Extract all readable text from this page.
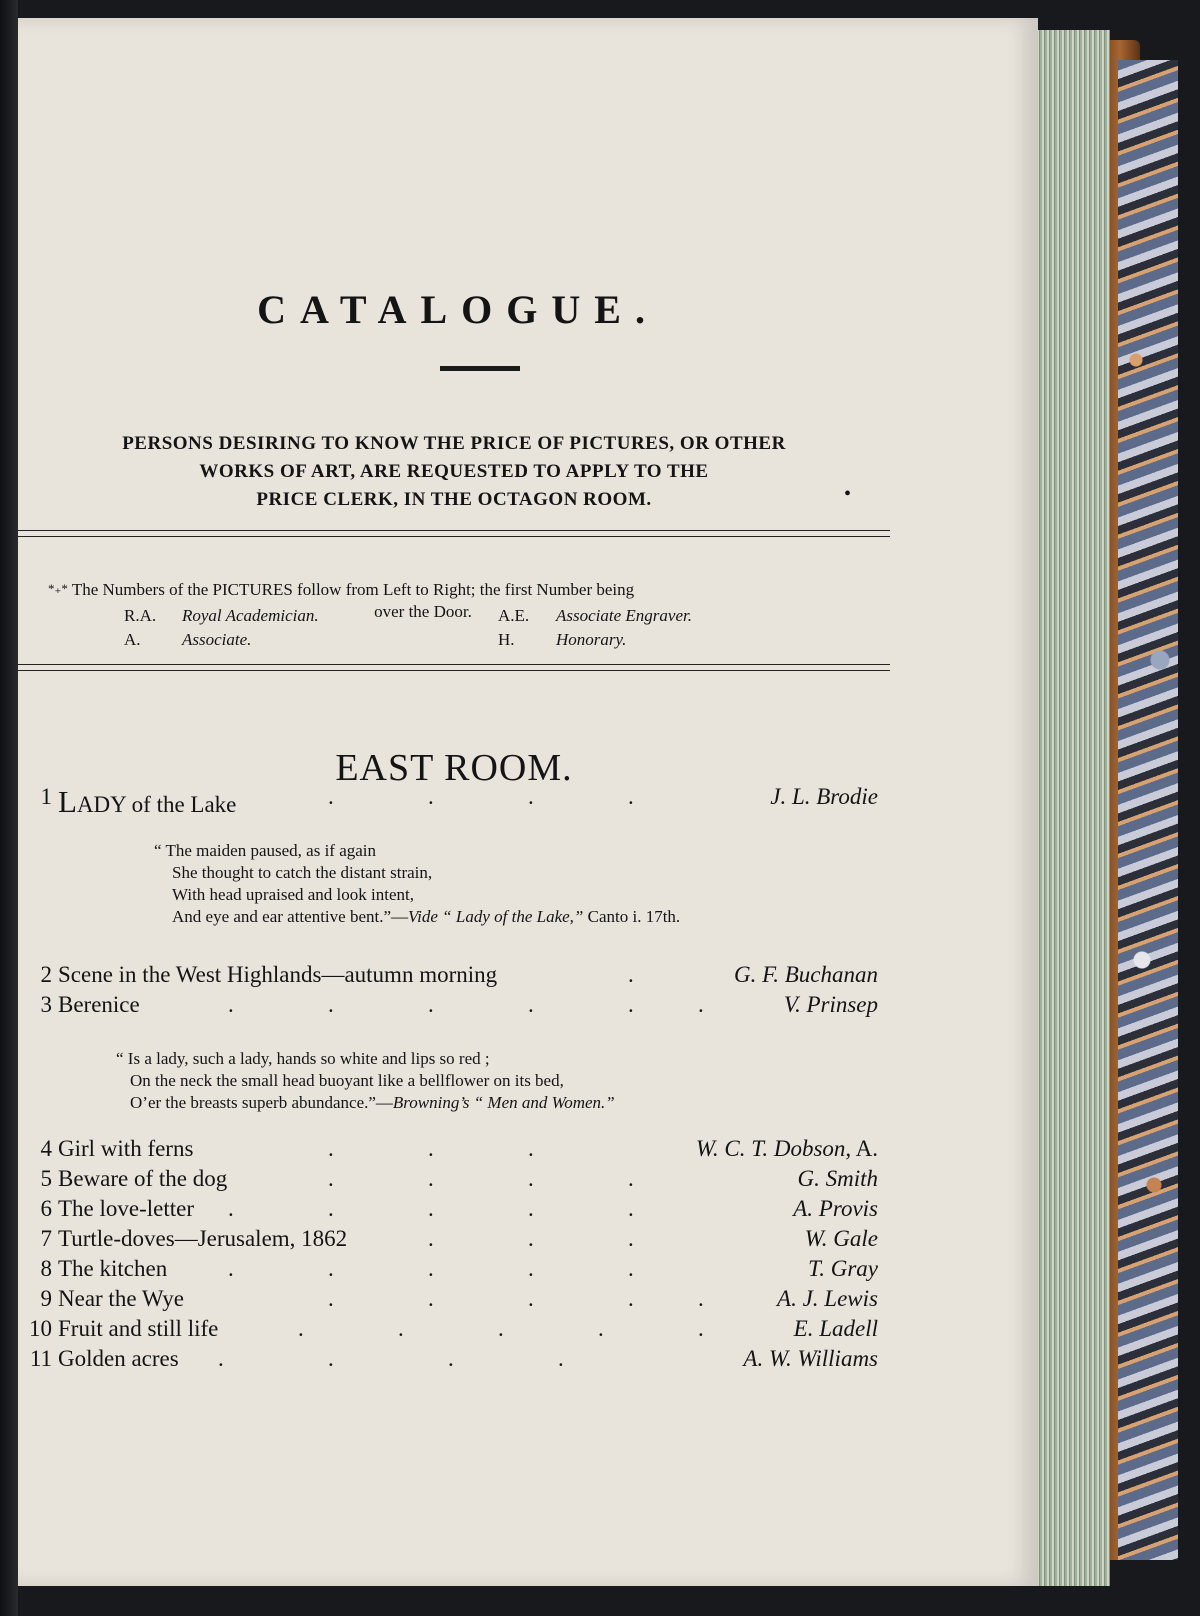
CATALOGUE.
PERSONS DESIRING TO KNOW THE PRICE OF PICTURES, OR OTHER
WORKS OF ART, ARE REQUESTED TO APPLY TO THE
PRICE CLERK, IN THE OCTAGON ROOM.	•
*₊* The Numbers of the PICTURES follow from Left to Right; the first Number being
over the Door.
R.A. Royal Academician.	A.E. Associate Engraver.
A. Associate.	H. Honorary.
EAST ROOM.
1 LADY of the Lake	.	.	.	.	J. L. Brodie
“ The maiden paused, as if again
She thought to catch the distant strain,
With head upraised and look intent,
And eye and ear attentive bent.”—Vide “ Lady of the Lake,” Canto i. 17th.
2 Scene in the West Highlands—autumn morning	.	G. F. Buchanan
3 Berenice	.	.	.	.	.	.	V. Prinsep
“ Is a lady, such a lady, hands so white and lips so red ;
On the neck the small head buoyant like a bellflower on its bed,
O’er the breasts superb abundance.”—Browning’s “ Men and Women.”
4 Girl with ferns	.	.	.	W. C. T. Dobson, A.
5 Beware of the dog	.	.	.	.	G. Smith
6 The love-letter .	.	.	.	.	A. Provis
7 Turtle-doves—Jerusalem, 1862	.	.	.	W. Gale
8 The kitchen	.	.	.	.	.	T. Gray
9 Near the Wye	.	.	.	.	.	A. J. Lewis
10 Fruit and still life	.	.	.	.	.	E. Ladell
11 Golden acres .	.	.	.	A. W. Williams
